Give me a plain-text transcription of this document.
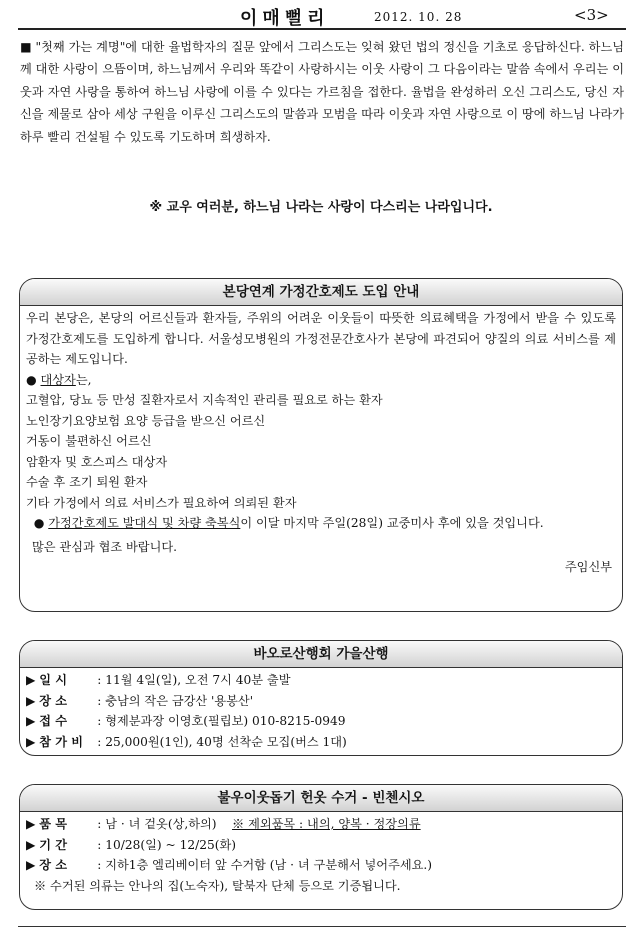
이매뻘리	2012. 10. 28	<3>

■ "첫째 가는 계명"에 대한 율법학자의 질문 앞에서 그리스도는 잊혀 왔던 법의 정신을 기초로 응답하신다. 하느님께 대한 사랑이 으뜸이며, 하느님께서 우리와 똑같이 사랑하시는 이웃 사랑이 그 다음이라는 말씀 속에서 우리는 이웃과 자연 사랑을 통하여 하느님 사랑에 이를 수 있다는 가르침을 접한다. 율법을 완성하러 오신 그리스도, 당신 자신을 제물로 삼아 세상 구원을 이루신 그리스도의 말씀과 모범을 따라 이웃과 자연 사랑으로 이 땅에 하느님 나라가 하루 빨리 건설될 수 있도록 기도하며 희생하자.

※ 교우 여러분, 하느님 나라는 사랑이 다스리는 나라입니다.
본당연계 가정간호제도 도입 안내

우리 본당은, 본당의 어르신들과 환자들, 주위의 어려운 이웃들이 따뜻한 의료혜택을 가정에서 받을 수 있도록 가정간호제도를 도입하게 합니다. 서울성모병원의 가정전문간호사가 본당에 파견되어 양질의 의료 서비스를 제공하는 제도입니다.

● 대상자는,

고혈압, 당뇨 등 만성 질환자로서 지속적인 관리를 필요로 하는 환자

노인장기요양보험 요양 등급을 받으신 어르신

거동이 불편하신 어르신

암환자 및 호스피스 대상자

수술 후 조기 퇴원 환자

기타 가정에서 의료 서비스가 필요하여 의뢰된 환자

● 가정간호제도 발대식 및 차량 축복식이 이달 마지막 주일(28일) 교중미사 후에 있을 것입니다.

많은 관심과 협조 바랍니다.

주임신부

바오로산행회 가을산행
▶ 일 시 : 11월 4일(일), 오전 7시 40분 출발
▶ 장 소 : 충남의 작은 금강산 '용봉산'
▶ 접 수 : 형제분과장 이영호(필립보) 010-8215-0949
▶ 참 가 비 : 25,000원(1인), 40명 선착순 모집(버스 1대)
불우이웃돕기 헌옷 수거 - 빈첸시오
▶ 품 목 : 남 · 녀 겉옷(상,하의) ※ 제외품목 : 내의, 양복 · 정장의류
▶ 기 간 : 10/28(일) ~ 12/25(화)
▶ 장 소 : 지하1층 엘리베이터 앞 수거함 (남 · 녀 구분해서 넣어주세요.)
※ 수거된 의류는 안나의 집(노숙자), 탈북자 단체 등으로 기증됩니다.
